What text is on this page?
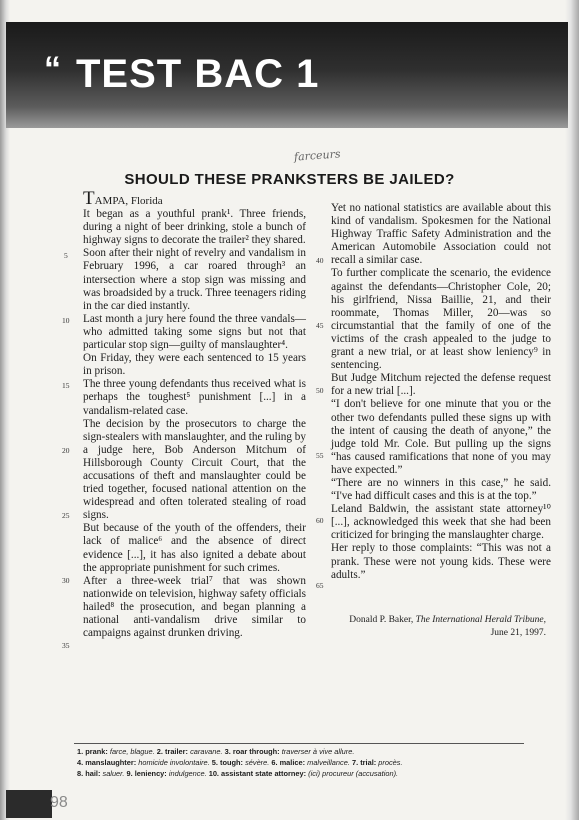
“ TEST BAC 1
farceurs
SHOULD THESE PRANKSTERS BE JAILED?

TAMPA, Florida

It began as a youthful prank¹. Three friends, during a night of beer drinking, stole a bunch of highway signs to decorate the trailer² they shared.

Soon after their night of revelry and vandalism in February 1996, a car roared through³ an intersection where a stop sign was missing and was broadsided by a truck. Three teenagers riding in the car died instantly.

Last month a jury here found the three vandals—who admitted taking some signs but not that particular stop sign—guilty of manslaughter⁴.

On Friday, they were each sentenced to 15 years in prison.

The three young defendants thus received what is perhaps the toughest⁵ punishment [...] in a vandalism-related case.

The decision by the prosecutors to charge the sign-stealers with manslaughter, and the ruling by a judge here, Bob Anderson Mitchum of Hillsborough County Circuit Court, that the accusations of theft and manslaughter could be tried together, focused national attention on the widespread and often tolerated stealing of road signs.

But because of the youth of the offenders, their lack of malice⁶ and the absence of direct evidence [...], it has also ignited a debate about the appropriate punishment for such crimes.

After a three-week trial⁷ that was shown nationwide on television, highway safety officials hailed⁸ the prosecution, and began planning a national anti-vandalism drive similar to campaigns against drunken driving.

Yet no national statistics are available about this kind of vandalism. Spokesmen for the National Highway Traffic Safety Administration and the American Automobile Association could not recall a similar case.

To further complicate the scenario, the evidence against the defendants—Christopher Cole, 20; his girlfriend, Nissa Baillie, 21, and their roommate, Thomas Miller, 20—was so circumstantial that the family of one of the victims of the crash appealed to the judge to grant a new trial, or at least show leniency⁹ in sentencing.

But Judge Mitchum rejected the defense request for a new trial [...].

“I don't believe for one minute that you or the other two defendants pulled these signs up with the intent of causing the death of anyone,” the judge told Mr. Cole. But pulling up the signs “has caused ramifications that none of you may have expected.”

“There are no winners in this case,” he said. “I've had difficult cases and this is at the top.”

Leland Baldwin, the assistant state attorney¹⁰ [...], acknowledged this week that she had been criticized for bringing the manslaughter charge.

Her reply to those complaints: “This was not a prank. These were not young kids. These were adults.”

5
10
15
20
25
30
35
40
45
50
55
60
65
Donald P. Baker, The International Herald Tribune,
June 21, 1997.
1. prank: farce, blague. 2. trailer: caravane. 3. roar through: traverser à vive allure.
4. manslaughter: homicide involontaire. 5. tough: sévère. 6. malice: malveillance. 7. trial: procès.
8. hail: saluer. 9. leniency: indulgence. 10. assistant state attorney: (ici) procureur (accusation).
98
